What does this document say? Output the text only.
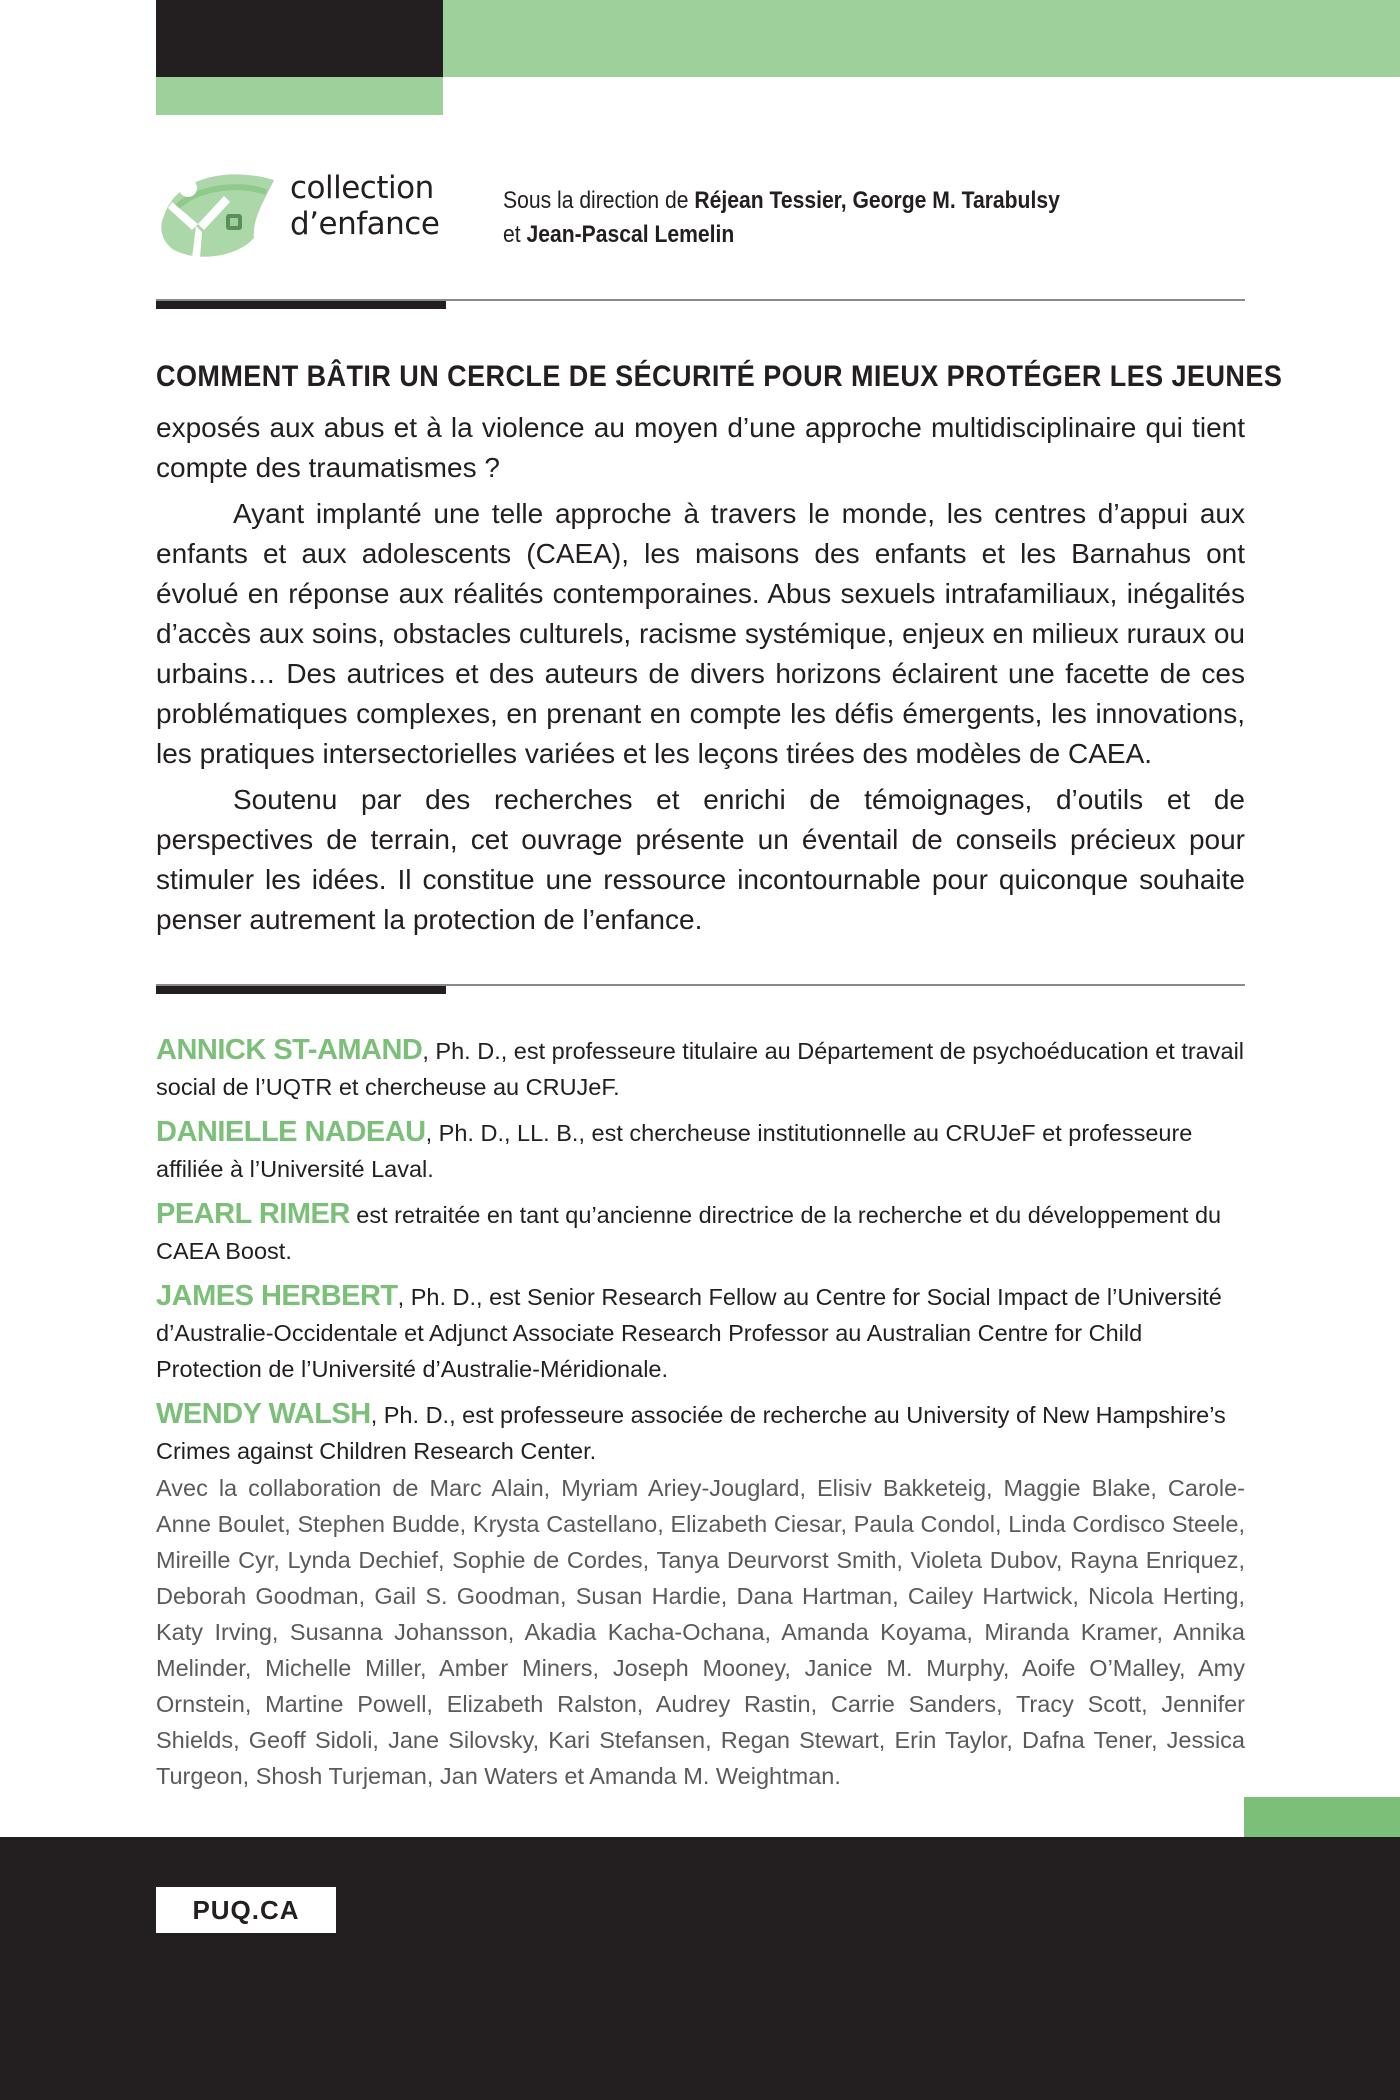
collection
d’enfance
Sous la direction de Réjean Tessier, George M. Tarabulsy
et Jean-Pascal Lemelin
COMMENT BÂTIR UN CERCLE DE SÉCURITÉ POUR MIEUX PROTÉGER LES JEUNES

exposés aux abus et à la violence au moyen d’une approche multidisciplinaire qui tient compte des traumatismes ?

Ayant implanté une telle approche à travers le monde, les centres d’appui aux enfants et aux adolescents (CAEA), les maisons des enfants et les Barnahus ont évolué en réponse aux réalités contemporaines. Abus sexuels intrafamiliaux, inégalités d’accès aux soins, obstacles culturels, racisme systémique, enjeux en milieux ruraux ou urbains… Des autrices et des auteurs de divers horizons éclairent une facette de ces problématiques complexes, en prenant en compte les défis émergents, les innovations, les pratiques intersectorielles variées et les leçons tirées des modèles de CAEA.

Soutenu par des recherches et enrichi de témoignages, d’outils et de perspectives de terrain, cet ouvrage présente un éventail de conseils précieux pour stimuler les idées. Il constitue une ressource incontournable pour quiconque souhaite penser autrement la protection de l’enfance.

ANNICK ST-AMAND, Ph. D., est professeure titulaire au Département de psychoéducation et travail social de l’UQTR et chercheuse au CRUJeF.
DANIELLE NADEAU, Ph. D., LL. B., est chercheuse institutionnelle au CRUJeF et professeure affiliée à l’Université Laval.
PEARL RIMER est retraitée en tant qu’ancienne directrice de la recherche et du développement du CAEA Boost.
JAMES HERBERT, Ph. D., est Senior Research Fellow au Centre for Social Impact de l’Université d’Australie-Occidentale et Adjunct Associate Research Professor au Australian Centre for Child Protection de l’Université d’Australie-Méridionale.
WENDY WALSH, Ph. D., est professeure associée de recherche au University of New Hampshire’s Crimes against Children Research Center.
Avec la collaboration de Marc Alain, Myriam Ariey-Jouglard, Elisiv Bakketeig, Maggie Blake, Carole-Anne Boulet, Stephen Budde, Krysta Castellano, Elizabeth Ciesar, Paula Condol, Linda Cordisco Steele, Mireille Cyr, Lynda Dechief, Sophie de Cordes, Tanya Deurvorst Smith, Violeta Dubov, Rayna Enriquez, Deborah Goodman, Gail S. Goodman, Susan Hardie, Dana Hartman, Cailey Hartwick, Nicola Herting, Katy Irving, Susanna Johansson, Akadia Kacha-Ochana, Amanda Koyama, Miranda Kramer, Annika Melinder, Michelle Miller, Amber Miners, Joseph Mooney, Janice M. Murphy, Aoife O’Malley, Amy Ornstein, Martine Powell, Elizabeth Ralston, Audrey Rastin, Carrie Sanders, Tracy Scott, Jennifer Shields, Geoff Sidoli, Jane Silovsky, Kari Stefansen, Regan Stewart, Erin Taylor, Dafna Tener, Jessica Turgeon, Shosh Turjeman, Jan Waters et Amanda M. Weightman.
PUQ.CA
